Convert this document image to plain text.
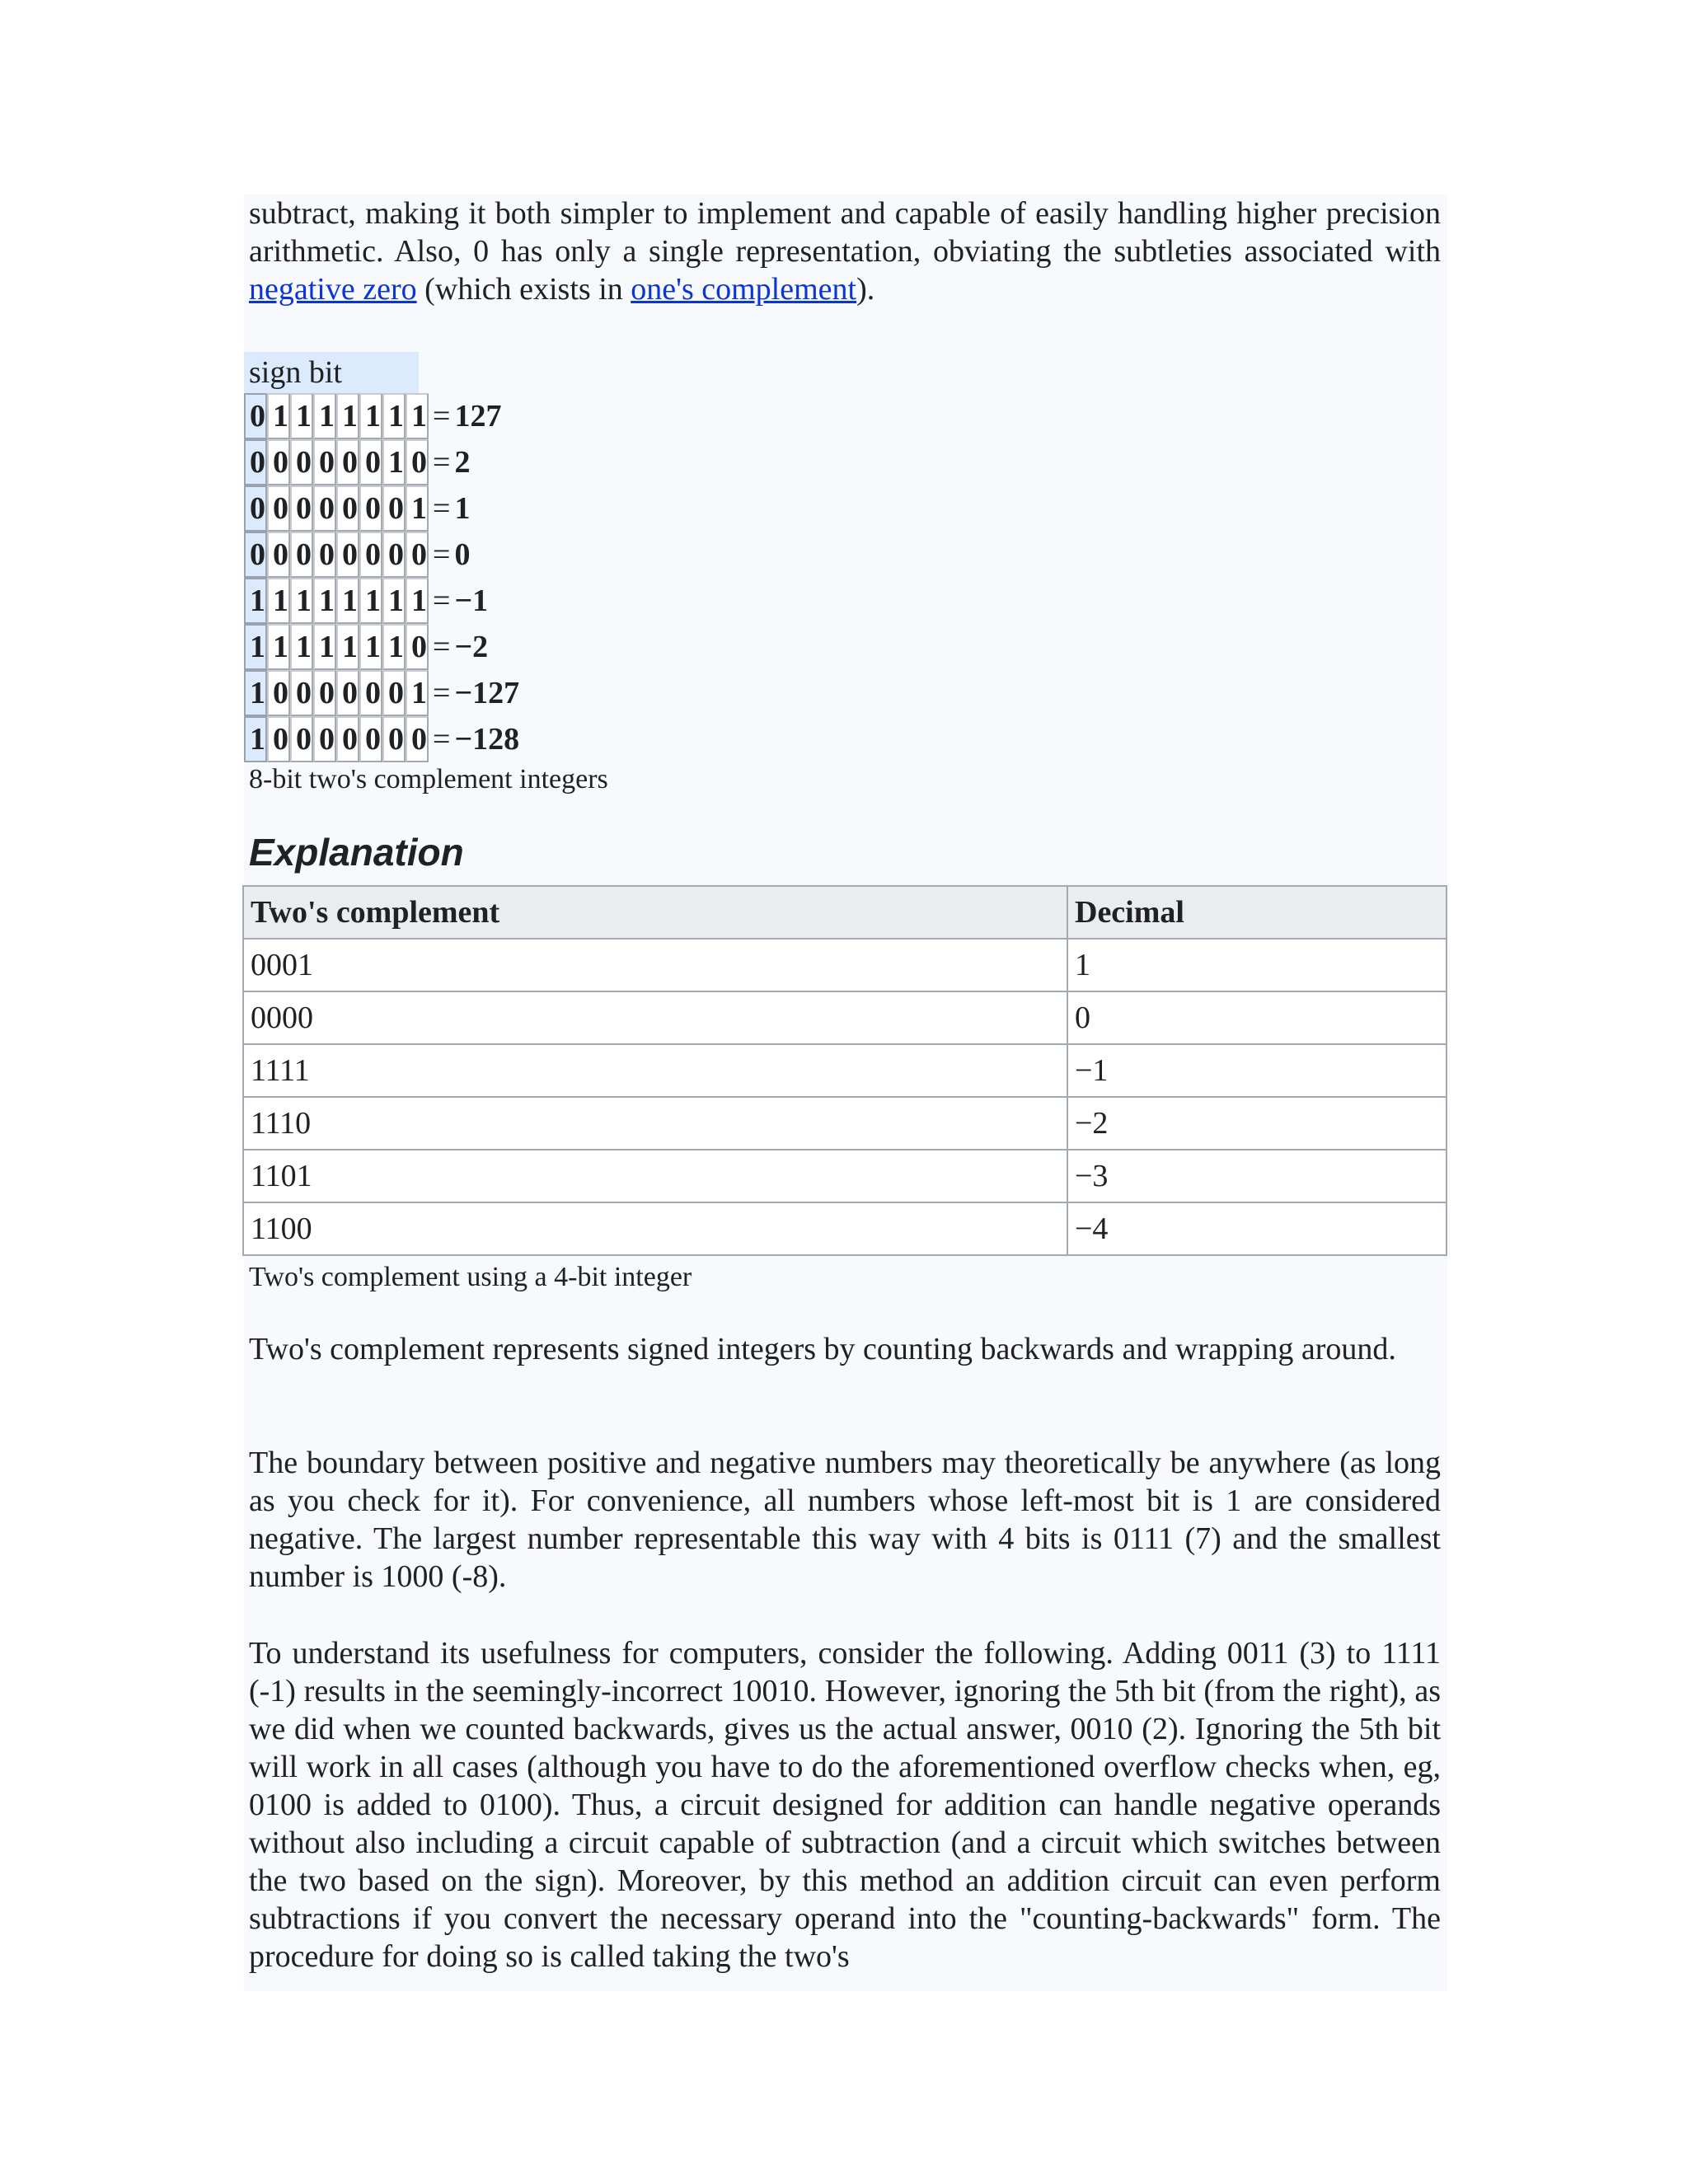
subtract, making it both simpler to implement and capable of easily handling higher precision arithmetic. Also, 0 has only a single representation, obviating the subtleties associated with negative zero (which exists in one's complement).

sign bit
0	1	1	1	1	1	1	1	=	127
0	0	0	0	0	0	1	0	=	2
0	0	0	0	0	0	0	1	=	1
0	0	0	0	0	0	0	0	=	0
1	1	1	1	1	1	1	1	=	−1
1	1	1	1	1	1	1	0	=	−2
1	0	0	0	0	0	0	1	=	−127
1	0	0	0	0	0	0	0	=	−128
8-bit two's complement integers
Explanation
Two's complement	Decimal
0001	1
0000	0
1111	−1
1110	−2
1101	−3
1100	−4
Two's complement using a 4-bit integer

Two's complement represents signed integers by counting backwards and wrapping around.

The boundary between positive and negative numbers may theoretically be anywhere (as long as you check for it). For convenience, all numbers whose left-most bit is 1 are considered negative. The largest number representable this way with 4 bits is 0111 (7) and the smallest number is 1000 (-8).

To understand its usefulness for computers, consider the following. Adding 0011 (3) to 1111 (-1) results in the seemingly-incorrect 10010. However, ignoring the 5th bit (from the right), as we did when we counted backwards, gives us the actual answer, 0010 (2). Ignoring the 5th bit will work in all cases (although you have to do the aforementioned overflow checks when, eg, 0100 is added to 0100). Thus, a circuit designed for addition can handle negative operands without also including a circuit capable of subtraction (and a circuit which switches between the two based on the sign). Moreover, by this method an addition circuit can even perform subtractions if you convert the necessary operand into the "counting-backwards" form. The procedure for doing so is called taking the two's
